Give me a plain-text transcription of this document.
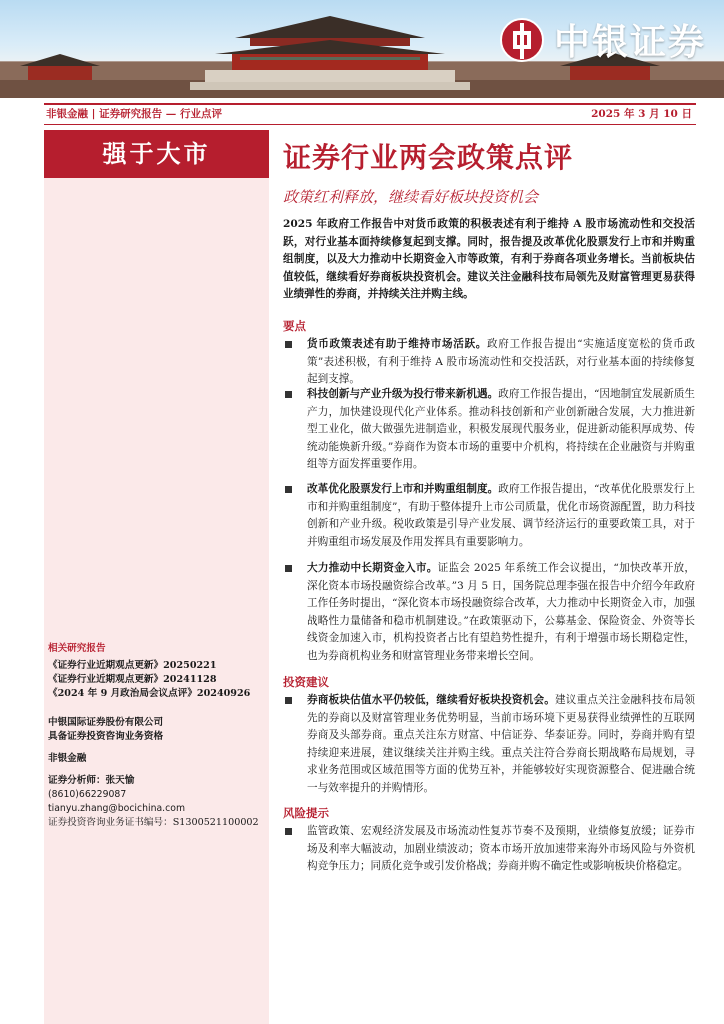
中银证券
非银金融 | 证券研究报告 — 行业点评	2025 年 3 月 10 日
强于大市
相关研究报告
《证券行业近期观点更新》20250221
《证券行业近期观点更新》20241128
《2024 年 9 月政治局会议点评》20240926
中银国际证券股份有限公司
具备证券投资咨询业务资格
非银金融
证券分析师：张天愉
(8610)66229087
tianyu.zhang@bocichina.com
证券投资咨询业务证书编号：S1300521100002
证券行业两会政策点评
政策红利释放，继续看好板块投资机会
2025 年政府工作报告中对货币政策的积极表述有利于维持 A 股市场流动性和交投活跃，对行业基本面持续修复起到支撑。同时，报告提及改革优化股票发行上市和并购重组制度，以及大力推动中长期资金入市等政策，有利于券商各项业务增长。当前板块估值较低，继续看好券商板块投资机会。建议关注金融科技布局领先及财富管理更易获得业绩弹性的券商，并持续关注并购主线。
要点
货币政策表述有助于维持市场活跃。政府工作报告提出“实施适度宽松的货币政策”表述积极，有利于维持 A 股市场流动性和交投活跃，对行业基本面的持续修复起到支撑。
科技创新与产业升级为投行带来新机遇。政府工作报告提出，“因地制宜发展新质生产力，加快建设现代化产业体系。推动科技创新和产业创新融合发展，大力推进新型工业化，做大做强先进制造业，积极发展现代服务业，促进新动能积厚成势、传统动能焕新升级。”券商作为资本市场的重要中介机构，将持续在企业融资与并购重组等方面发挥重要作用。
改革优化股票发行上市和并购重组制度。政府工作报告提出，“改革优化股票发行上市和并购重组制度”，有助于整体提升上市公司质量，优化市场资源配置，助力科技创新和产业升级。税收政策是引导产业发展、调节经济运行的重要政策工具，对于并购重组市场发展及作用发挥具有重要影响力。
大力推动中长期资金入市。证监会 2025 年系统工作会议提出，“加快改革开放，深化资本市场投融资综合改革。”3 月 5 日，国务院总理李强在报告中介绍今年政府工作任务时提出，“深化资本市场投融资综合改革，大力推动中长期资金入市，加强战略性力量储备和稳市机制建设。”在政策驱动下，公募基金、保险资金、外资等长线资金加速入市，机构投资者占比有望趋势性提升，有利于增强市场长期稳定性，也为券商机构业务和财富管理业务带来增长空间。
投资建议
券商板块估值水平仍较低，继续看好板块投资机会。建议重点关注金融科技布局领先的券商以及财富管理业务优势明显，当前市场环境下更易获得业绩弹性的互联网券商及头部券商。重点关注东方财富、中信证券、华泰证券。同时，券商并购有望持续迎来进展，建议继续关注并购主线。重点关注符合券商长期战略布局规划，寻求业务范围或区域范围等方面的优势互补，并能够较好实现资源整合、促进融合统一与效率提升的并购情形。
风险提示
监管政策、宏观经济发展及市场流动性复苏节奏不及预期，业绩修复放缓；证券市场及利率大幅波动，加剧业绩波动；资本市场开放加速带来海外市场风险与外资机构竞争压力；同质化竞争或引发价格战；券商并购不确定性或影响板块价格稳定。
